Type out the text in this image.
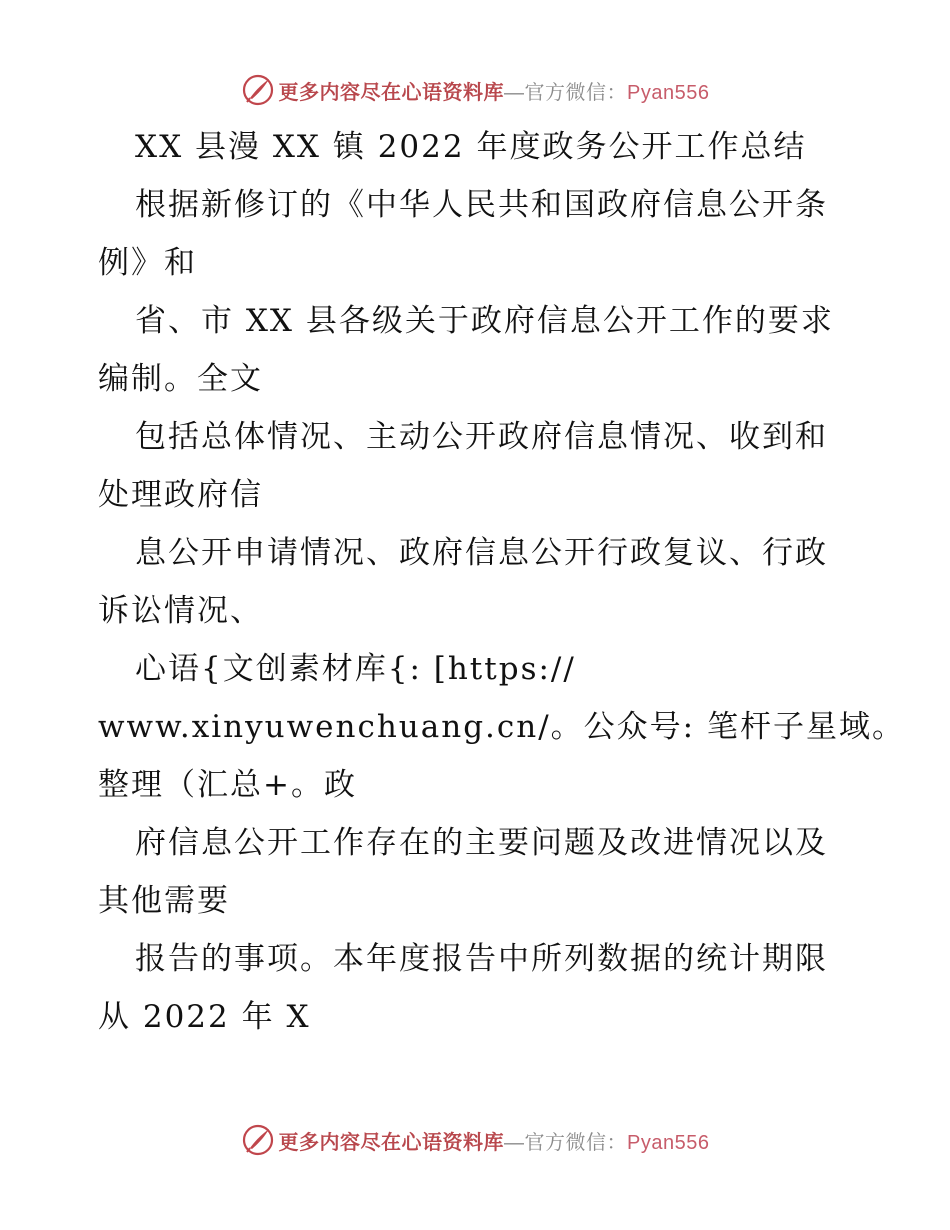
更多内容尽在心语资料库—官方微信：Pyan556
XX 县漫 XX 镇 2022 年度政务公开工作总结
根据新修订的《中华人民共和国政府信息公开条
例》和
省、市 XX 县各级关于政府信息公开工作的要求
编制。全文
包括总体情况、主动公开政府信息情况、收到和
处理政府信
息公开申请情况、政府信息公开行政复议、行政
诉讼情况、
心语{文创素材库{: [https://
www.xinyuwenchuang.cn/。公众号: 笔杆子星域。
整理（汇总+。政
府信息公开工作存在的主要问题及改进情况以及
其他需要
报告的事项。本年度报告中所列数据的统计期限
从 2022 年 X
更多内容尽在心语资料库—官方微信：Pyan556
